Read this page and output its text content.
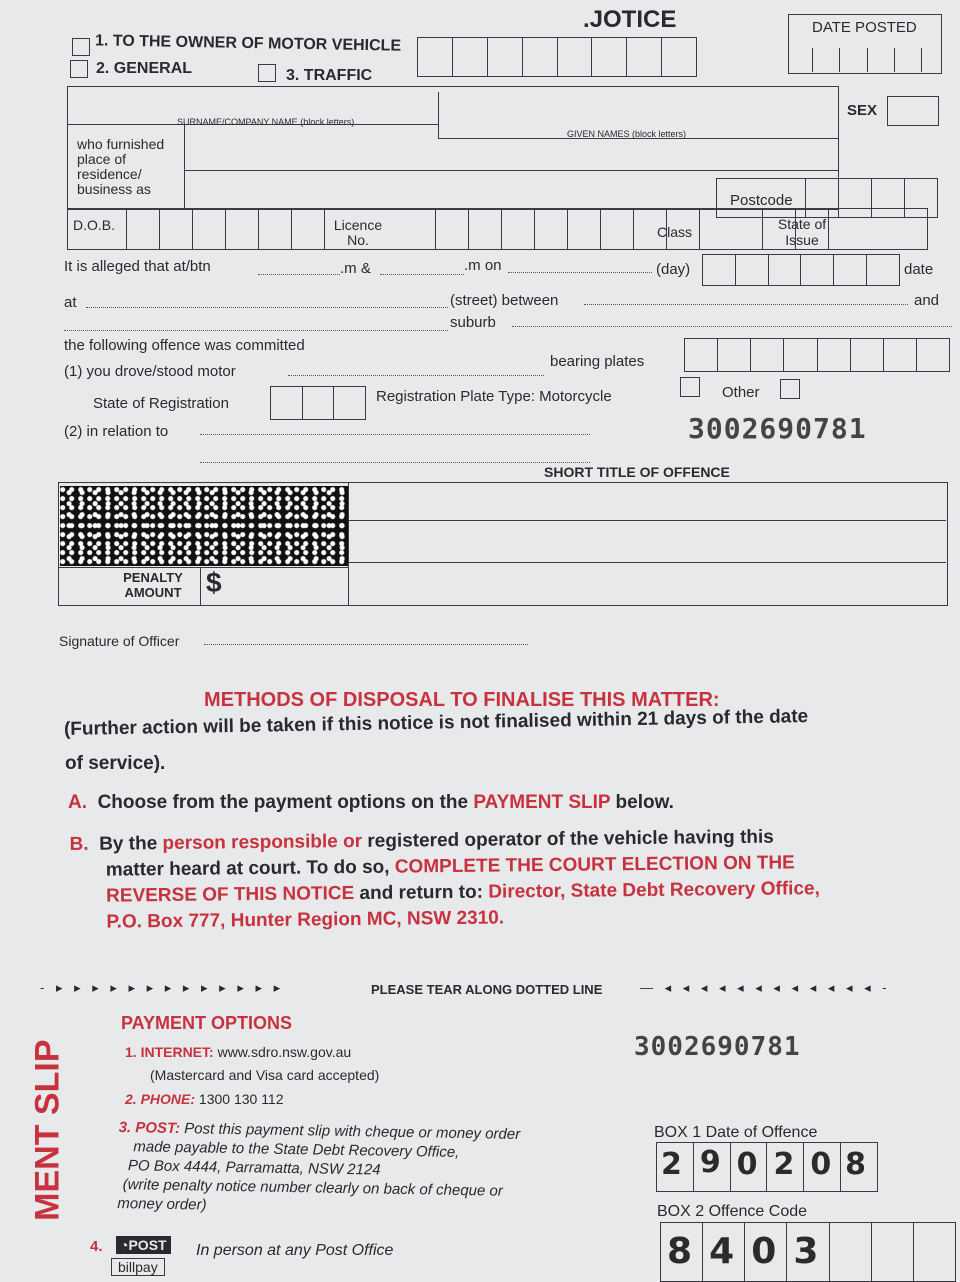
.JOTICE
1. TO THE OWNER OF MOTOR VEHICLE
2. GENERAL	3. TRAFFIC
DATE POSTED
SEX
SURNAME/COMPANY NAME (block letters)
GIVEN NAMES (block letters)
who furnished place of residence/ business as
Postcode
D.O.B.	Licence No.	Class	State of Issue
It is alleged that at/btn	.m &	.m on	(day)	date
at	(street) between	and
suburb
the following offence was committed
(1) you drove/stood motor
bearing plates
State of Registration	Registration Plate Type: Motorcycle	Other
(2) in relation to	3002690781
SHORT TITLE OF OFFENCE
PENALTY AMOUNT $
Signature of Officer
METHODS OF DISPOSAL TO FINALISE THIS MATTER:
(Further action will be taken if this notice is not finalised within 21 days of the date
of service).
A. Choose from the payment options on the PAYMENT SLIP below.
B. By the person responsible or registered operator of the vehicle having this
matter heard at court. To do so, COMPLETE THE COURT ELECTION ON THE
REVERSE OF THIS NOTICE and return to: Director, State Debt Recovery Office,
P.O. Box 777, Hunter Region MC, NSW 2310.
- ▸ ▸ ▸ ▸ ▸ ▸ ▸ ▸ ▸ ▸ ▸ ▸ ▸	PLEASE TEAR ALONG DOTTED LINE	— ◂ ◂ ◂ ◂ ◂ ◂ ◂ ◂ ◂ ◂ ◂ ◂ -
MENT SLIP
PAYMENT OPTIONS
3002690781
1. INTERNET: www.sdro.nsw.gov.au
(Mastercard and Visa card accepted)
2. PHONE: 1300 130 112
3. POST: Post this payment slip with cheque or money order
made payable to the State Debt Recovery Office,
PO Box 4444, Parramatta, NSW 2124
(write penalty notice number clearly on back of cheque or
money order)
4. ◔POST
billpay
In person at any Post Office
BOX 1 Date of Offence
2 9 0 2 0 8
BOX 2 Offence Code
8 4 0 3
